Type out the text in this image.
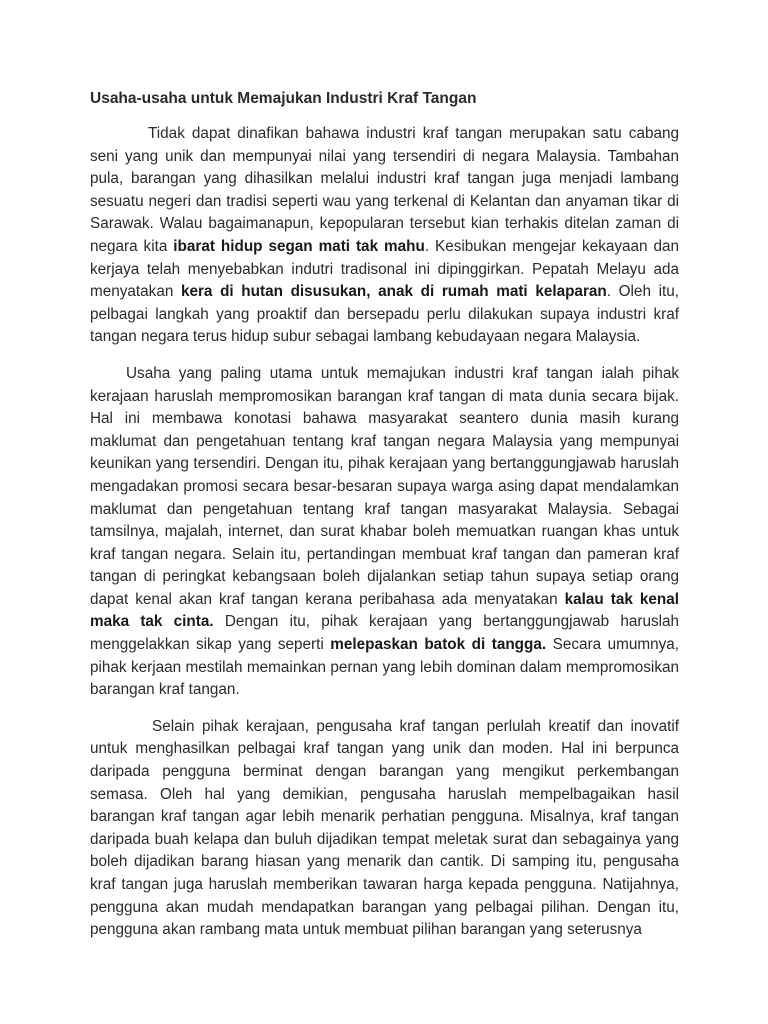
Usaha-usaha untuk Memajukan Industri Kraf Tangan

Tidak dapat dinafikan bahawa industri kraf tangan merupakan satu cabang seni yang unik dan mempunyai nilai yang tersendiri di negara Malaysia. Tambahan pula, barangan yang dihasilkan melalui industri kraf tangan juga menjadi lambang sesuatu negeri dan tradisi seperti wau yang terkenal di Kelantan dan anyaman tikar di Sarawak. Walau bagaimanapun, kepopularan tersebut kian terhakis ditelan zaman di negara kita ibarat hidup segan mati tak mahu. Kesibukan mengejar kekayaan dan kerjaya telah menyebabkan indutri tradisonal ini dipinggirkan. Pepatah Melayu ada menyatakan kera di hutan disusukan, anak di rumah mati kelaparan. Oleh itu, pelbagai langkah yang proaktif dan bersepadu perlu dilakukan supaya industri kraf tangan negara terus hidup subur sebagai lambang kebudayaan negara Malaysia.

Usaha yang paling utama untuk memajukan industri kraf tangan ialah pihak kerajaan haruslah mempromosikan barangan kraf tangan di mata dunia secara bijak. Hal ini membawa konotasi bahawa masyarakat seantero dunia masih kurang maklumat dan pengetahuan tentang kraf tangan negara Malaysia yang mempunyai keunikan yang tersendiri. Dengan itu, pihak kerajaan yang bertanggungjawab haruslah mengadakan promosi secara besar-besaran supaya warga asing dapat mendalamkan maklumat dan pengetahuan tentang kraf tangan masyarakat Malaysia. Sebagai tamsilnya, majalah, internet, dan surat khabar boleh memuatkan ruangan khas untuk kraf tangan negara. Selain itu, pertandingan membuat kraf tangan dan pameran kraf tangan di peringkat kebangsaan boleh dijalankan setiap tahun supaya setiap orang dapat kenal akan kraf tangan kerana peribahasa ada menyatakan kalau tak kenal maka tak cinta. Dengan itu, pihak kerajaan yang bertanggungjawab haruslah menggelakkan sikap yang seperti melepaskan batok di tangga. Secara umumnya, pihak kerjaan mestilah memainkan pernan yang lebih dominan dalam mempromosikan barangan kraf tangan.

Selain pihak kerajaan, pengusaha kraf tangan perlulah kreatif dan inovatif untuk menghasilkan pelbagai kraf tangan yang unik dan moden. Hal ini berpunca daripada pengguna berminat dengan barangan yang mengikut perkembangan semasa. Oleh hal yang demikian, pengusaha haruslah mempelbagaikan hasil barangan kraf tangan agar lebih menarik perhatian pengguna. Misalnya, kraf tangan daripada buah kelapa dan buluh dijadikan tempat meletak surat dan sebagainya yang boleh dijadikan barang hiasan yang menarik dan cantik. Di samping itu, pengusaha kraf tangan juga haruslah memberikan tawaran harga kepada pengguna. Natijahnya, pengguna akan mudah mendapatkan barangan yang pelbagai pilihan. Dengan itu, pengguna akan rambang mata untuk membuat pilihan barangan yang seterusnya
